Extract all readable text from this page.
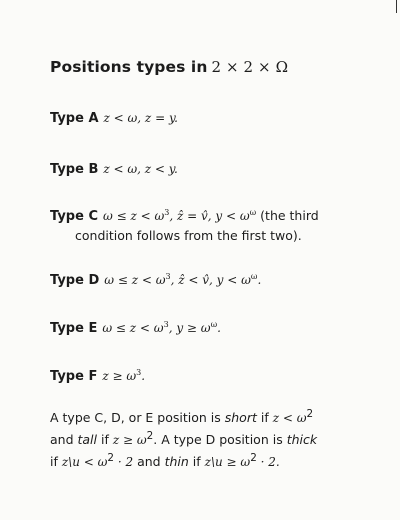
Positions types in 2 × 2 × Ω
Type A z < ω, z = y.
Type B z < ω, z < y.
Type C $\omega \le z < \omega^3$, ẑ = v̂, $y < \omega^\omega$ (the third
condition follows from the first two).
Type D $\omega \le z < \omega^3$, ẑ < v̂, $y < \omega^\omega$.
Type E $\omega \le z < \omega^3$, $y \ge \omega^\omega$.
Type F $z \ge \omega^3$.
A type C, D, or E position is short if $z < \omega^2$
and tall if $z \ge \omega^2$. A type D position is thick
if z\u < $\omega^2 \cdot 2$ and thin if z\u ≥ $\omega^2 \cdot 2$.
